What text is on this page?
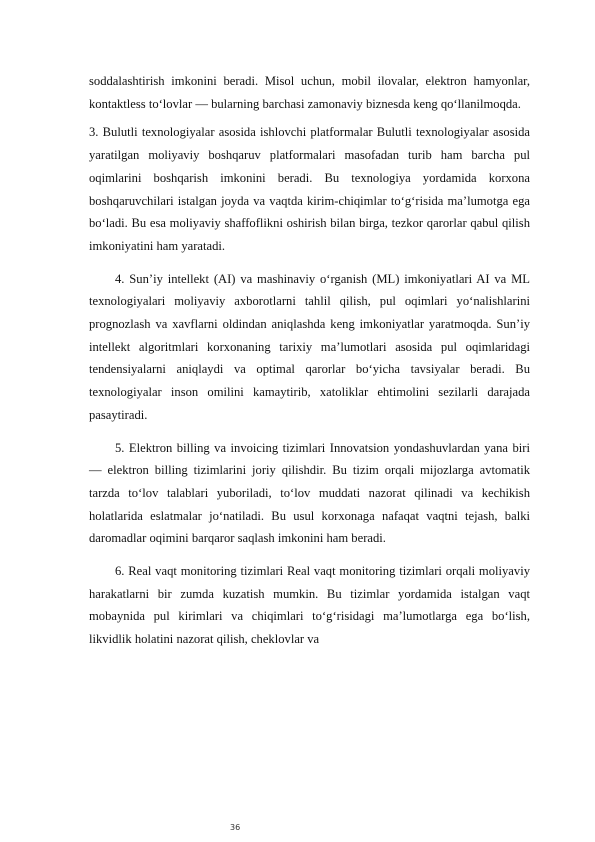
soddalashtirish imkonini beradi. Misol uchun, mobil ilovalar, elektron hamyonlar, kontaktless to‘lovlar — bularning barchasi zamonaviy biznesda keng qo‘llanilmoqda.

3. Bulutli texnologiyalar asosida ishlovchi platformalar Bulutli texnologiyalar asosida yaratilgan moliyaviy boshqaruv platformalari masofadan turib ham barcha pul oqimlarini boshqarish imkonini beradi. Bu texnologiya yordamida korxona boshqaruvchilari istalgan joyda va vaqtda kirim-chiqimlar to‘g‘risida ma’lumotga ega bo‘ladi. Bu esa moliyaviy shaffoflikni oshirish bilan birga, tezkor qarorlar qabul qilish imkoniyatini ham yaratadi.

4. Sun’iy intellekt (AI) va mashinaviy o‘rganish (ML) imkoniyatlari AI va ML texnologiyalari moliyaviy axborotlarni tahlil qilish, pul oqimlari yo‘nalishlarini prognozlash va xavflarni oldindan aniqlashda keng imkoniyatlar yaratmoqda. Sun’iy intellekt algoritmlari korxonaning tarixiy ma’lumotlari asosida pul oqimlaridagi tendensiyalarni aniqlaydi va optimal qarorlar bo‘yicha tavsiyalar beradi. Bu texnologiyalar inson omilini kamaytirib, xatoliklar ehtimolini sezilarli darajada pasaytiradi.

5. Elektron billing va invoicing tizimlari Innovatsion yondashuvlardan yana biri — elektron billing tizimlarini joriy qilishdir. Bu tizim orqali mijozlarga avtomatik tarzda to‘lov talablari yuboriladi, to‘lov muddati nazorat qilinadi va kechikish holatlarida eslatmalar jo‘natiladi. Bu usul korxonaga nafaqat vaqtni tejash, balki daromadlar oqimini barqaror saqlash imkonini ham beradi.

6. Real vaqt monitoring tizimlari Real vaqt monitoring tizimlari orqali moliyaviy harakatlarni bir zumda kuzatish mumkin. Bu tizimlar yordamida istalgan vaqt mobaynida pul kirimlari va chiqimlari to‘g‘risidagi ma’lumotlarga ega bo‘lish, likvidlik holatini nazorat qilish, cheklovlar va

36
